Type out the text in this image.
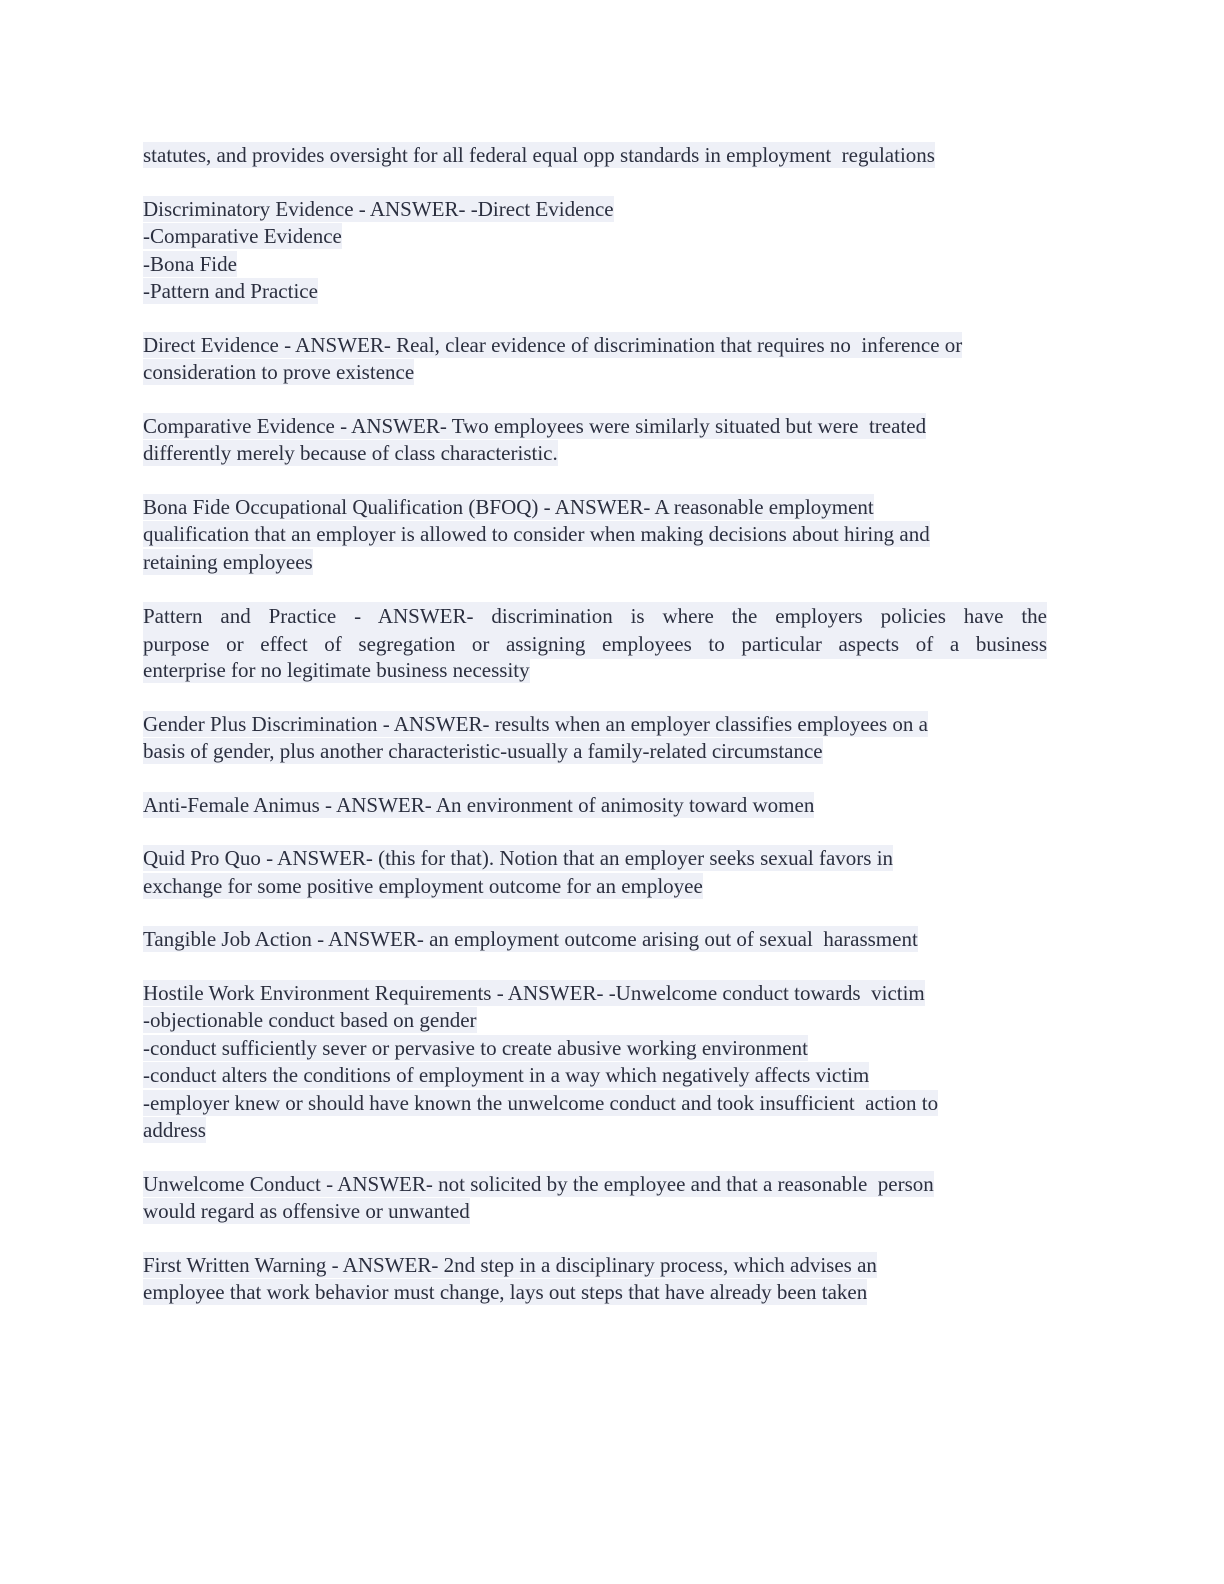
statutes, and provides oversight for all federal equal opp standards in employment  regulations
Discriminatory Evidence - ANSWER- -Direct Evidence
-Comparative Evidence
-Bona Fide
-Pattern and Practice
Direct Evidence - ANSWER- Real, clear evidence of discrimination that requires no  inference or
consideration to prove existence
Comparative Evidence - ANSWER- Two employees were similarly situated but were  treated
differently merely because of class characteristic.
Bona Fide Occupational Qualification (BFOQ) - ANSWER- A reasonable employment
qualification that an employer is allowed to consider when making decisions about hiring and
retaining employees
Pattern and Practice - ANSWER- discrimination is where the employers policies have the
purpose or effect of segregation or assigning employees to particular aspects of a business
enterprise for no legitimate business necessity
Gender Plus Discrimination - ANSWER- results when an employer classifies employees on a
basis of gender, plus another characteristic-usually a family-related circumstance
Anti-Female Animus - ANSWER- An environment of animosity toward women
Quid Pro Quo - ANSWER- (this for that). Notion that an employer seeks sexual favors in
exchange for some positive employment outcome for an employee
Tangible Job Action - ANSWER- an employment outcome arising out of sexual  harassment
Hostile Work Environment Requirements - ANSWER- -Unwelcome conduct towards  victim
-objectionable conduct based on gender
-conduct sufficiently sever or pervasive to create abusive working environment
-conduct alters the conditions of employment in a way which negatively affects victim
-employer knew or should have known the unwelcome conduct and took insufficient  action to
address
Unwelcome Conduct - ANSWER- not solicited by the employee and that a reasonable  person
would regard as offensive or unwanted
First Written Warning - ANSWER- 2nd step in a disciplinary process, which advises an
employee that work behavior must change, lays out steps that have already been taken
